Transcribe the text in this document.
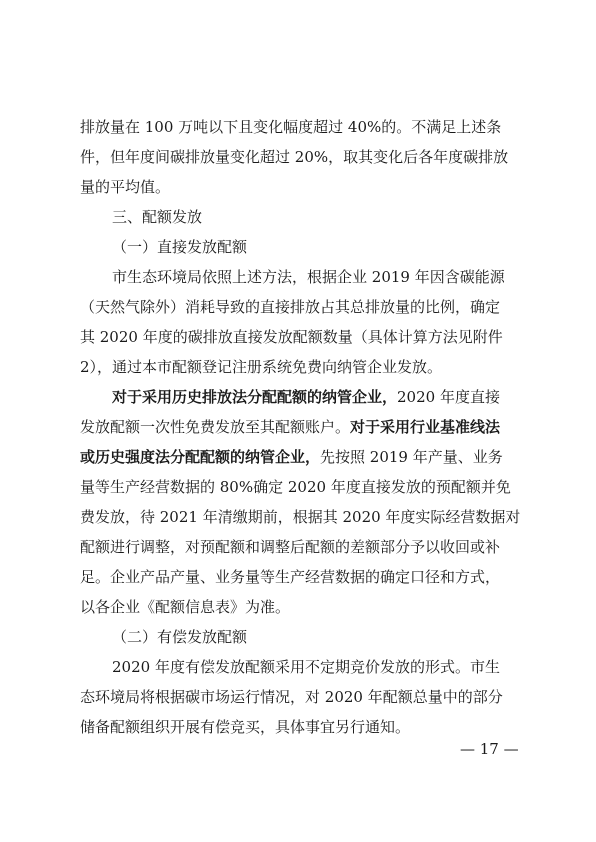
排放量在 100 万吨以下且变化幅度超过 40%的。不满足上述条
件，但年度间碳排放量变化超过 20%，取其变化后各年度碳排放
量的平均值。
三、配额发放
（一）直接发放配额
市生态环境局依照上述方法，根据企业 2019 年因含碳能源
（天然气除外）消耗导致的直接排放占其总排放量的比例，确定
其 2020 年度的碳排放直接发放配额数量（具体计算方法见附件
2），通过本市配额登记注册系统免费向纳管企业发放。
对于采用历史排放法分配配额的纳管企业，2020 年度直接
发放配额一次性免费发放至其配额账户。对于采用行业基准线法
或历史强度法分配配额的纳管企业，先按照 2019 年产量、业务
量等生产经营数据的 80%确定 2020 年度直接发放的预配额并免
费发放，待 2021 年清缴期前，根据其 2020 年度实际经营数据对
配额进行调整，对预配额和调整后配额的差额部分予以收回或补
足。企业产品产量、业务量等生产经营数据的确定口径和方式，
以各企业《配额信息表》为准。
（二）有偿发放配额
2020 年度有偿发放配额采用不定期竞价发放的形式。市生
态环境局将根据碳市场运行情况，对 2020 年配额总量中的部分
储备配额组织开展有偿竞买，具体事宜另行通知。
— 17 —
